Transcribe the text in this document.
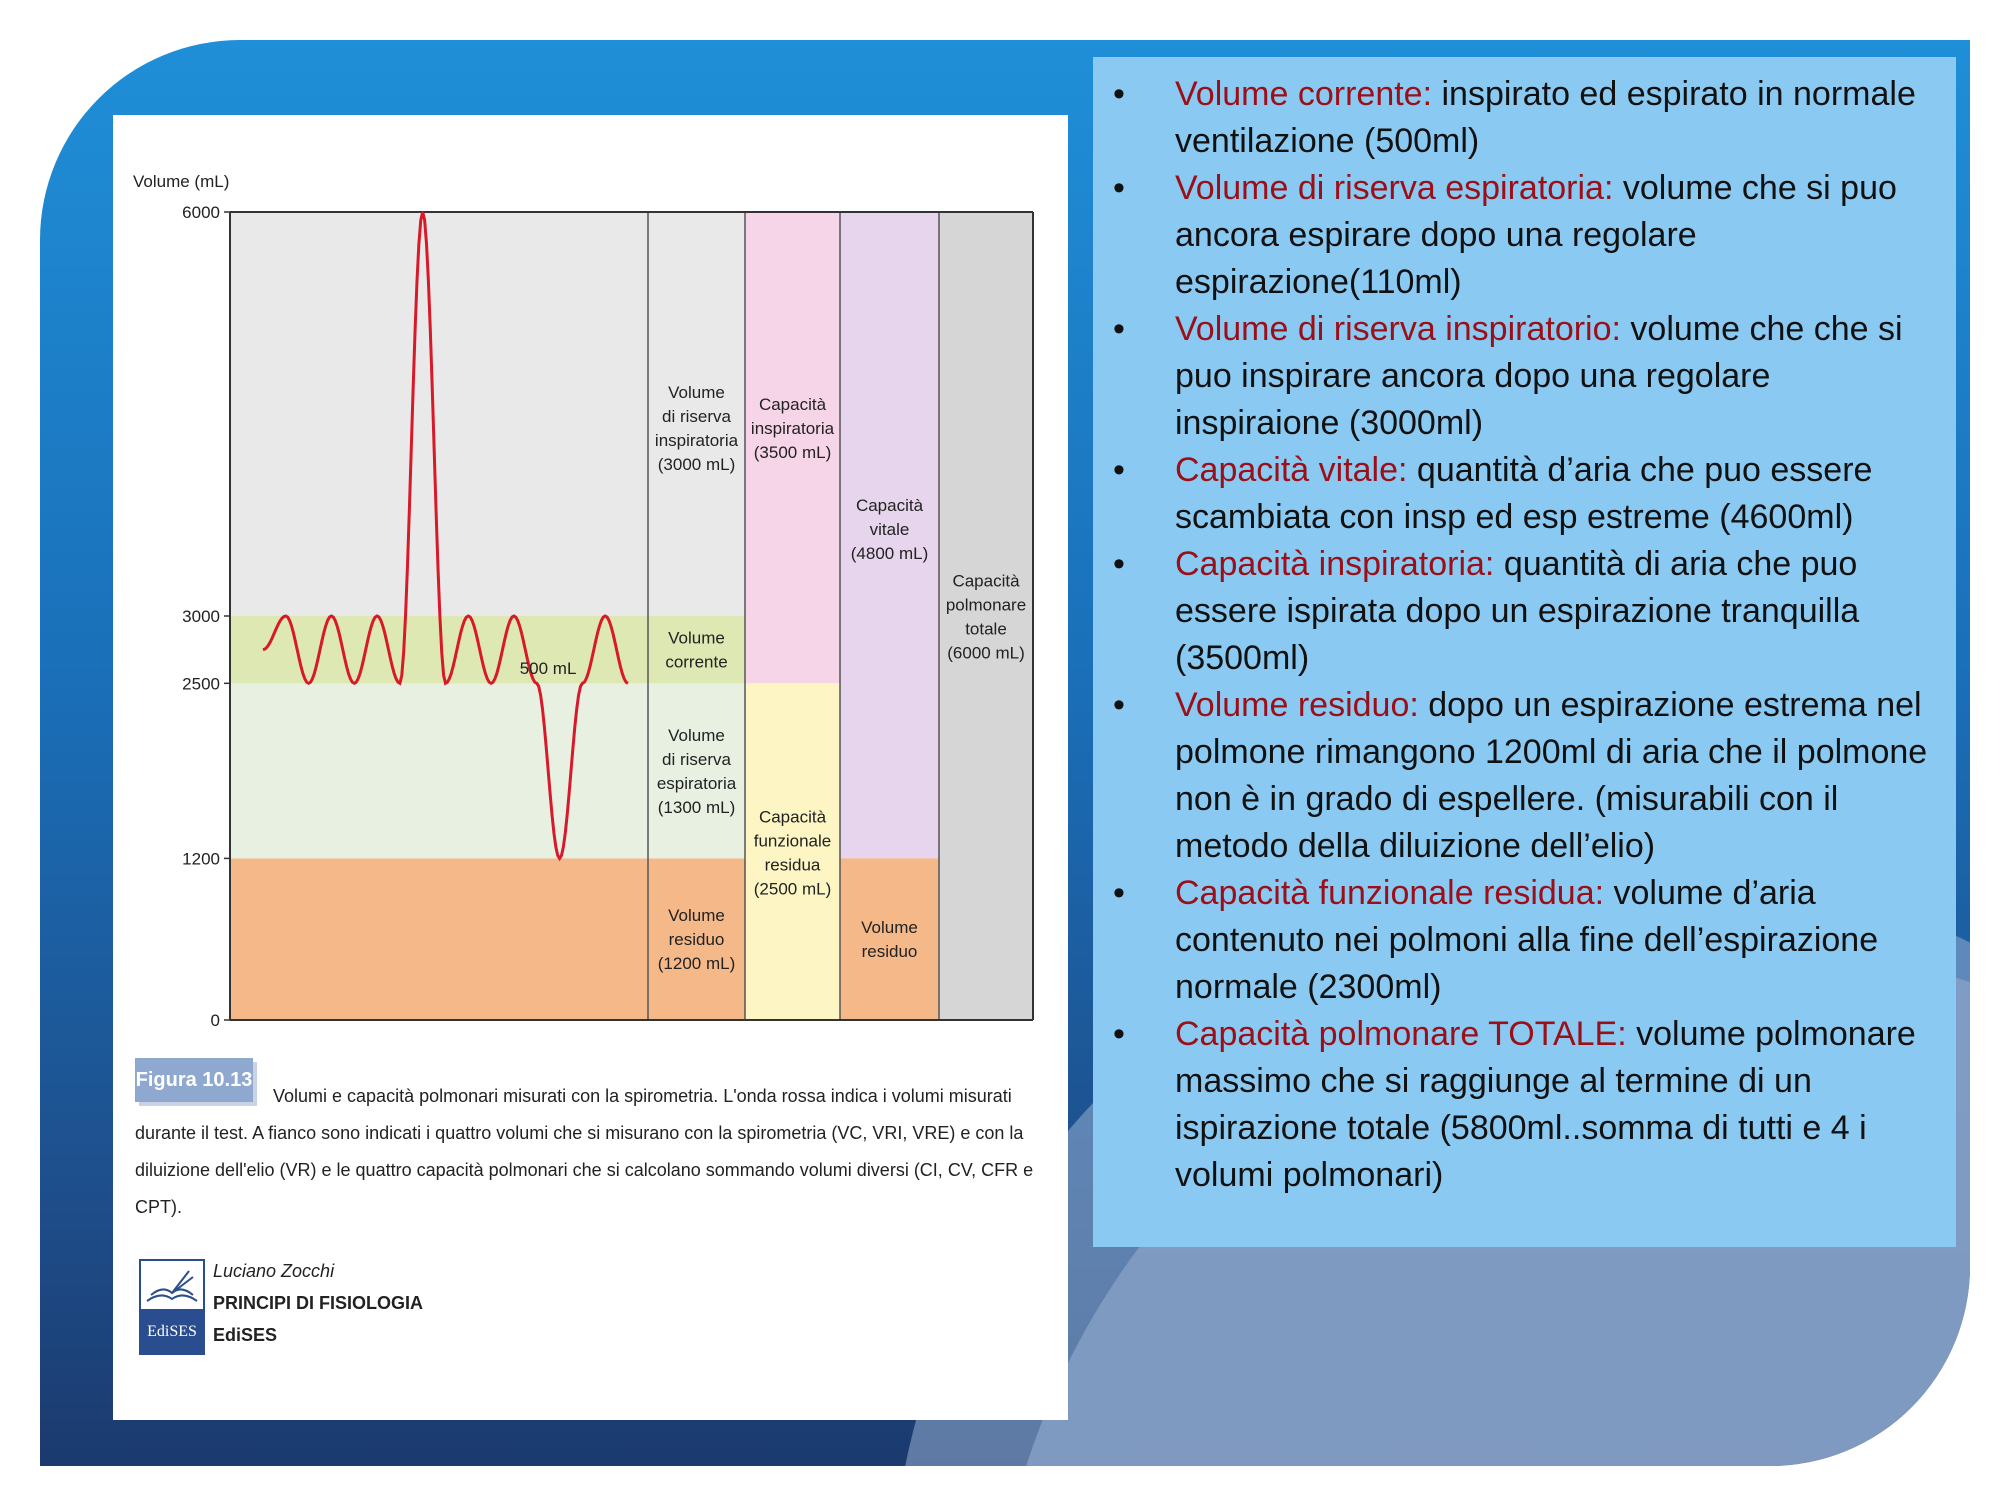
Volume
di riserva
inspiratoria
(3000 mL)
Volume
corrente
Volume
di riserva
espiratoria
(1300 mL)
Volume
residuo
(1200 mL)
Capacità
inspiratoria
(3500 mL)
Capacità
funzionale
residua
(2500 mL)
Capacità
vitale
(4800 mL)
Volume
residuo
Capacità
polmonare
totale
(6000 mL)
Volume (mL)
6000
3000
2500
1200
0
500 mL
Volumi e capacità polmonari misurati con la spirometria. L'onda rossa indica i volumi misurati durante il test. A fianco sono indicati i quattro volumi che si misurano con la spirometria (VC, VRI, VRE) e con la diluizione dell'elio (VR) e le quattro capacità polmonari che si calcolano sommando volumi diversi (CI, CV, CFR e CPT).
Figura 10.13
EdiSES
Luciano Zocchi
PRINCIPI DI FISIOLOGIA
EdiSES
• Volume corrente: inspirato ed espirato in normale ventilazione (500ml)
• Volume di riserva espiratoria: volume che si puo ancora espirare dopo una regolare espirazione(110ml)
• Volume di riserva inspiratorio: volume che che si puo inspirare ancora dopo una regolare inspiraione (3000ml)
• Capacità vitale: quantità d’aria che puo essere scambiata con insp ed esp estreme (4600ml)
• Capacità inspiratoria: quantità di aria che puo essere ispirata dopo un espirazione tranquilla (3500ml)
• Volume residuo: dopo un espirazione estrema nel polmone rimangono 1200ml di aria che il polmone non è in grado di espellere. (misurabili con il metodo della diluizione dell’elio)
• Capacità funzionale residua: volume d’aria contenuto nei polmoni alla fine dell’espirazione normale (2300ml)
• Capacità polmonare TOTALE: volume polmonare massimo che si raggiunge al termine di un ispirazione totale (5800ml..somma di tutti e 4 i volumi polmonari)
